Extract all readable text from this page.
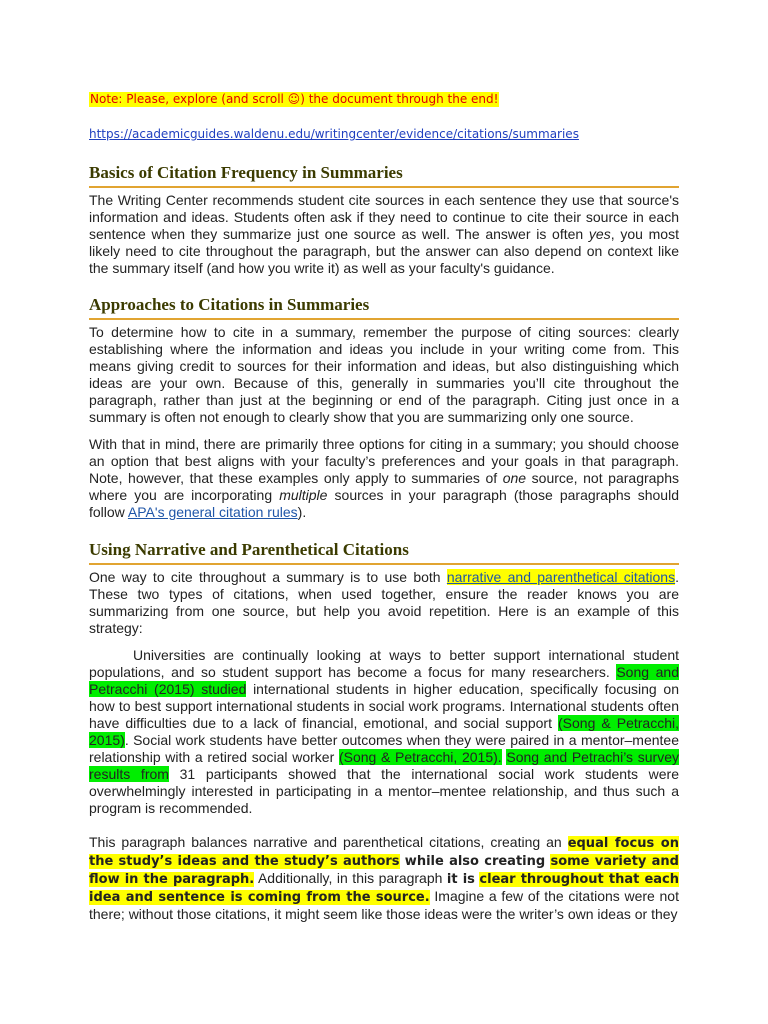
Note: Please, explore (and scroll ☺) the document through the end!
https://academicguides.waldenu.edu/writingcenter/evidence/citations/summaries
Basics of Citation Frequency in Summaries
The Writing Center recommends student cite sources in each sentence they use that source's information and ideas. Students often ask if they need to continue to cite their source in each sentence when they summarize just one source as well. The answer is often yes, you most likely need to cite throughout the paragraph, but the answer can also depend on context like the summary itself (and how you write it) as well as your faculty's guidance.
Approaches to Citations in Summaries
To determine how to cite in a summary, remember the purpose of citing sources: clearly establishing where the information and ideas you include in your writing come from. This means giving credit to sources for their information and ideas, but also distinguishing which ideas are your own. Because of this, generally in summaries you’ll cite throughout the paragraph, rather than just at the beginning or end of the paragraph. Citing just once in a summary is often not enough to clearly show that you are summarizing only one source.
With that in mind, there are primarily three options for citing in a summary; you should choose an option that best aligns with your faculty’s preferences and your goals in that paragraph. Note, however, that these examples only apply to summaries of one source, not paragraphs where you are incorporating multiple sources in your paragraph (those paragraphs should follow APA's general citation rules).
Using Narrative and Parenthetical Citations
One way to cite throughout a summary is to use both narrative and parenthetical citations. These two types of citations, when used together, ensure the reader knows you are summarizing from one source, but help you avoid repetition. Here is an example of this strategy:
Universities are continually looking at ways to better support international student populations, and so student support has become a focus for many researchers. Song and Petracchi (2015) studied international students in higher education, specifically focusing on how to best support international students in social work programs. International students often have difficulties due to a lack of financial, emotional, and social support (Song & Petracchi, 2015). Social work students have better outcomes when they were paired in a mentor–mentee relationship with a retired social worker (Song & Petracchi, 2015). Song and Petrachi’s survey results from 31 participants showed that the international social work students were overwhelmingly interested in participating in a mentor–mentee relationship, and thus such a program is recommended.
This paragraph balances narrative and parenthetical citations, creating an equal focus on the study’s ideas and the study’s authors while also creating some variety and flow in the paragraph. Additionally, in this paragraph it is clear throughout that each idea and sentence is coming from the source. Imagine a few of the citations were not there; without those citations, it might seem like those ideas were the writer’s own ideas or they
